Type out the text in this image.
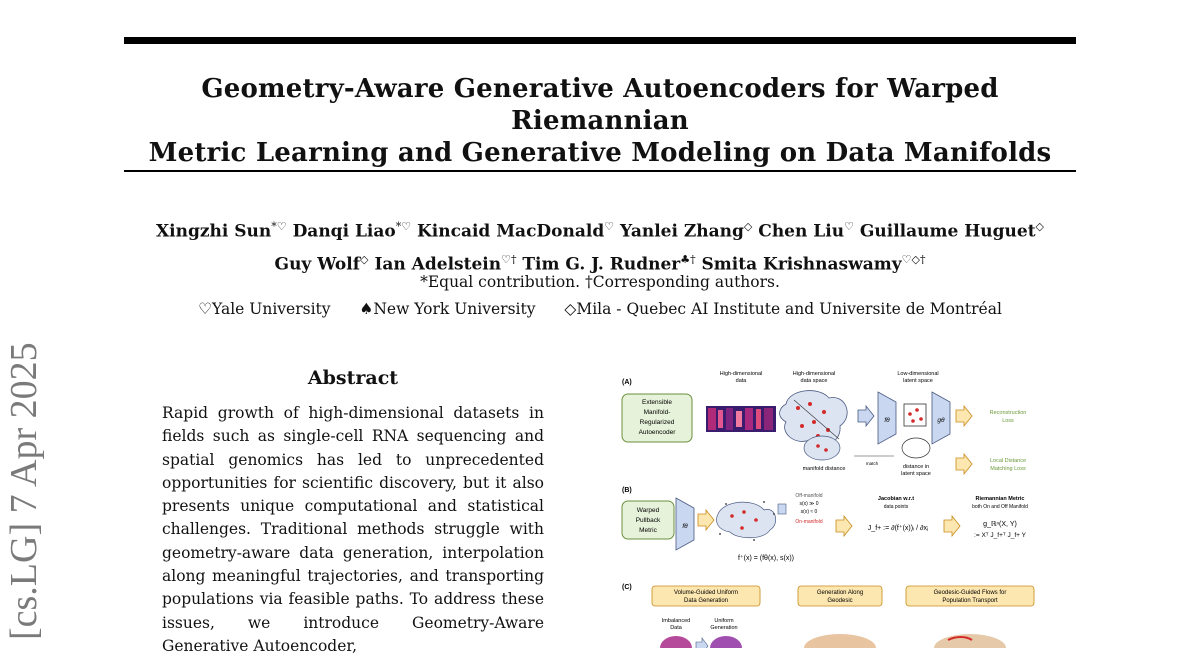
Geometry-Aware Generative Autoencoders for Warped Riemannian
Metric Learning and Generative Modeling on Data Manifolds
Xingzhi Sun*♡ Danqi Liao*♡ Kincaid MacDonald♡ Yanlei Zhang◇ Chen Liu♡ Guillaume Huguet◇
Guy Wolf◇ Ian Adelstein♡† Tim G. J. Rudner♣† Smita Krishnaswamy♡◇†
*Equal contribution. †Corresponding authors.
♡Yale University ♠New York University ◇Mila - Quebec AI Institute and Universite de Montréal
[cs.LG] 7 Apr 2025	Abstract
Rapid growth of high-dimensional datasets in fields such as single-cell RNA sequencing and spatial genomics has led to unprecedented opportunities for scientific discovery, but it also presents unique computational and statistical challenges. Traditional methods struggle with geometry-aware data generation, interpolation along meaningful trajectories, and transporting populations via feasible paths. To address these issues, we introduce Geometry-Aware Generative Autoencoder,
(A)
Extensible
Manifold-
Regularized
Autoencoder
High-dimensional
data
High-dimensional
data space
fθ
Low-dimensional
latent space
gθ
Reconstruction
Loss
manifold distance
match
distance in
latent space
Local Distance
Matching Loss
(B)
Warped
Pullback
Metric
fθ
Off-manifold
s(x) ≫ 0
s(x) ≈ 0
On-manifold
Jacobian w.r.t
data points
J_f+ := ∂(f⁺(x))ᵢ / ∂xⱼ
Riemannian Metric
both On and Off Manifold
g_ℝⁿ(X, Y)
:= Xᵀ J_f+ᵀ J_f+ Y
f⁺(x) = (fθ(x), s(x))
(C)
Volume-Guided Uniform
Data Generation
Generation Along
Geodesic
Geodesic-Guided Flows for
Population Transport
Imbalanced
Data
Uniform
Generation
